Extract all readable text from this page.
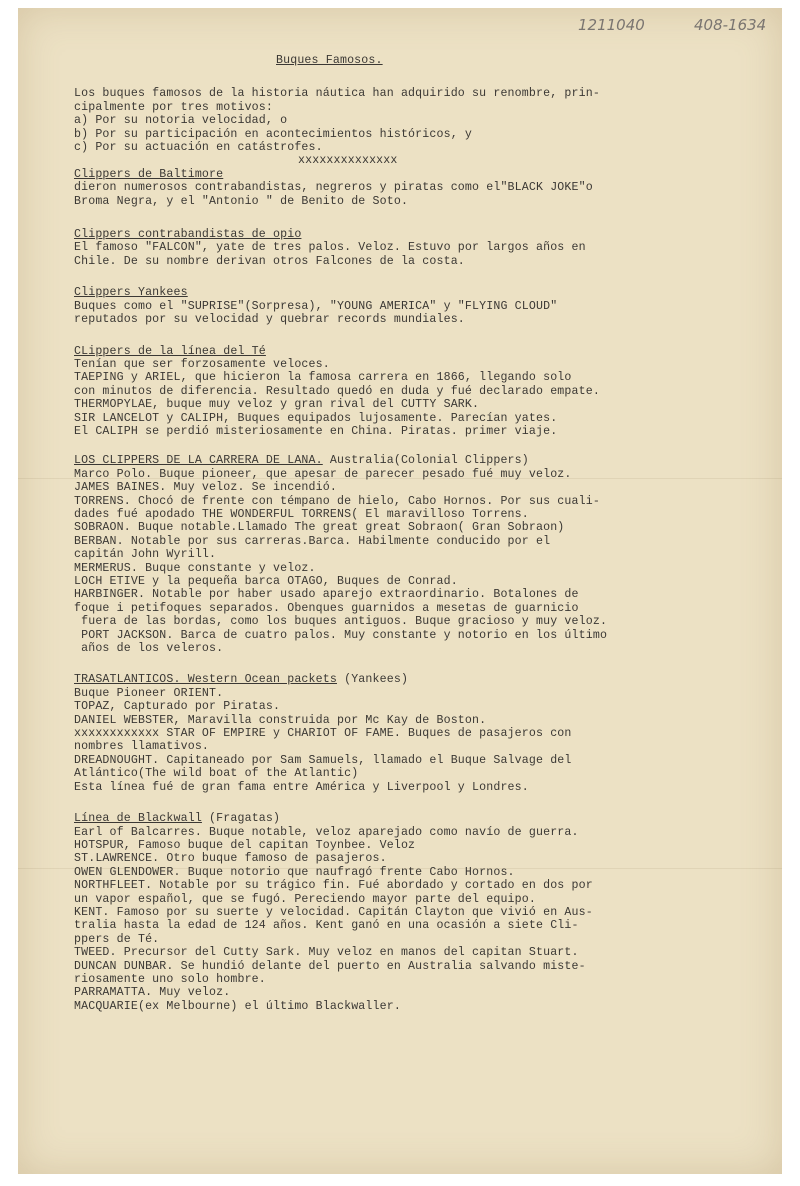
1211040	408-1634
Buques Famosos.
Los buques famosos de la historia náutica han adquirido su renombre, prin-
cipalmente por tres motivos:
a) Por su notoria velocidad, o
b) Por su participación en acontecimientos históricos, y
c) Por su actuación en catástrofes.
xxxxxxxxxxxxxx
Clippers de Baltimore
dieron numerosos contrabandistas, negreros y piratas como el"BLACK JOKE"o
Broma Negra, y el "Antonio " de Benito de Soto.
Clippers contrabandistas de opio
El famoso "FALCON", yate de tres palos. Veloz. Estuvo por largos años en
Chile. De su nombre derivan otros Falcones de la costa.
Clippers Yankees
Buques como el "SUPRISE"(Sorpresa), "YOUNG AMERICA" y "FLYING CLOUD"
reputados por su velocidad y quebrar records mundiales.
CLippers de la línea del Té
Tenían que ser forzosamente veloces.
TAEPING y ARIEL, que hicieron la famosa carrera en 1866, llegando solo
con minutos de diferencia. Resultado quedó en duda y fué declarado empate.
THERMOPYLAE, buque muy veloz y gran rival del CUTTY SARK.
SIR LANCELOT y CALIPH, Buques equipados lujosamente. Parecían yates.
El CALIPH se perdió misteriosamente en China. Piratas. primer viaje.
LOS CLIPPERS DE LA CARRERA DE LANA. Australia(Colonial Clippers)
Marco Polo. Buque pioneer, que apesar de parecer pesado fué muy veloz.
JAMES BAINES. Muy veloz. Se incendió.
TORRENS. Chocó de frente con témpano de hielo, Cabo Hornos. Por sus cuali-
dades fué apodado THE WONDERFUL TORRENS( El maravilloso Torrens.
SOBRAON. Buque notable.Llamado The great great Sobraon( Gran Sobraon)
BERBAN. Notable por sus carreras.Barca. Habilmente conducido por el
capitán John Wyrill.
MERMERUS. Buque constante y veloz.
LOCH ETIVE y la pequeña barca OTAGO, Buques de Conrad.
HARBINGER. Notable por haber usado aparejo extraordinario. Botalones de
foque i petifoques separados. Obenques guarnidos a mesetas de guarnicio
fuera de las bordas, como los buques antiguos. Buque gracioso y muy veloz.
PORT JACKSON. Barca de cuatro palos. Muy constante y notorio en los último
años de los veleros.
TRASATLANTICOS. Western Ocean packets (Yankees)
Buque Pioneer ORIENT.
TOPAZ, Capturado por Piratas.
DANIEL WEBSTER, Maravilla construida por Mc Kay de Boston.
xxxxxxxxxxxx STAR OF EMPIRE y CHARIOT OF FAME. Buques de pasajeros con
nombres llamativos.
DREADNOUGHT. Capitaneado por Sam Samuels, llamado el Buque Salvage del
Atlántico(The wild boat of the Atlantic)
Esta línea fué de gran fama entre América y Liverpool y Londres.
Línea de Blackwall (Fragatas)
Earl of Balcarres. Buque notable, veloz aparejado como navío de guerra.
HOTSPUR, Famoso buque del capitan Toynbee. Veloz
ST.LAWRENCE. Otro buque famoso de pasajeros.
OWEN GLENDOWER. Buque notorio que naufragó frente Cabo Hornos.
NORTHFLEET. Notable por su trágico fin. Fué abordado y cortado en dos por
un vapor español, que se fugó. Pereciendo mayor parte del equipo.
KENT. Famoso por su suerte y velocidad. Capitán Clayton que vivió en Aus-
tralia hasta la edad de 124 años. Kent ganó en una ocasión a siete Cli-
ppers de Té.
TWEED. Precursor del Cutty Sark. Muy veloz en manos del capitan Stuart.
DUNCAN DUNBAR. Se hundió delante del puerto en Australia salvando miste-
riosamente uno solo hombre.
PARRAMATTA. Muy veloz.
MACQUARIE(ex Melbourne) el último Blackwaller.
